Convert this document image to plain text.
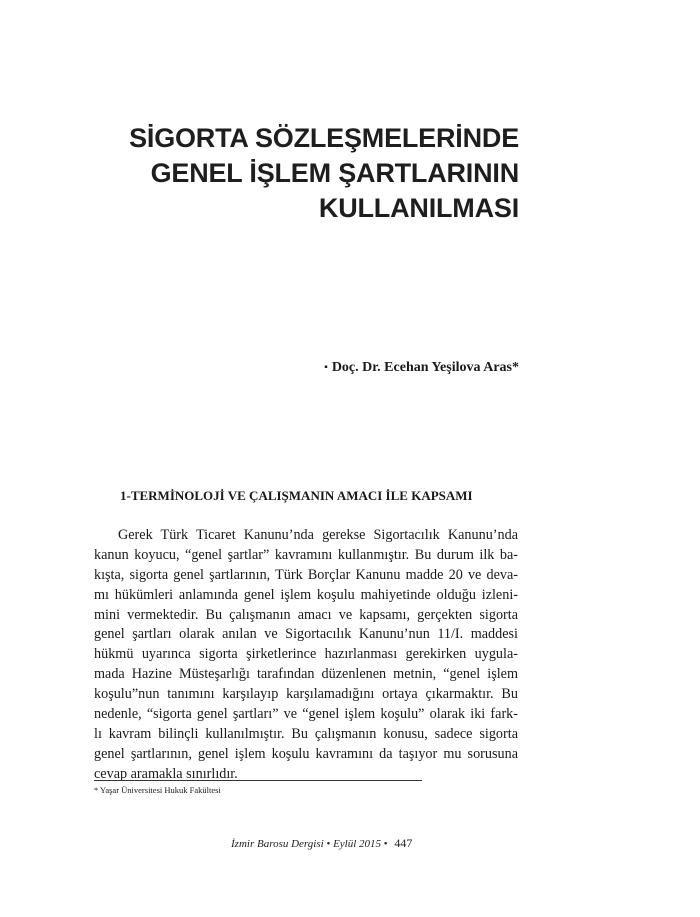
SİGORTA SÖZLEŞMELERİNDE
GENEL İŞLEM ŞARTLARININ
KULLANILMASI
▪ Doç. Dr. Ecehan Yeşilova Aras*
1-TERMİNOLOJİ VE ÇALIŞMANIN AMACI İLE KAPSAMI
Gerek Türk Ticaret Kanunu’nda gerekse Sigortacılık Kanunu’nda
kanun koyucu, “genel şartlar” kavramını kullanmıştır. Bu durum ilk ba-
kışta, sigorta genel şartlarının, Türk Borçlar Kanunu madde 20 ve deva-
mı hükümleri anlamında genel işlem koşulu mahiyetinde olduğu izleni-
mini vermektedir. Bu çalışmanın amacı ve kapsamı, gerçekten sigorta
genel şartları olarak anılan ve Sigortacılık Kanunu’nun 11/I. maddesi
hükmü uyarınca sigorta şirketlerince hazırlanması gerekirken uygula-
mada Hazine Müsteşarlığı tarafından düzenlenen metnin, “genel işlem
koşulu”nun tanımını karşılayıp karşılamadığını ortaya çıkarmaktır. Bu
nedenle, “sigorta genel şartları” ve “genel işlem koşulu” olarak iki fark-
lı kavram bilinçli kullanılmıştır. Bu çalışmanın konusu, sadece sigorta
genel şartlarının, genel işlem koşulu kavramını da taşıyor mu sorusuna
cevap aramakla sınırlıdır.
* Yaşar Üniversitesi Hukuk Fakültesi
İzmir Barosu Dergisi • Eylül 2015 • 447
